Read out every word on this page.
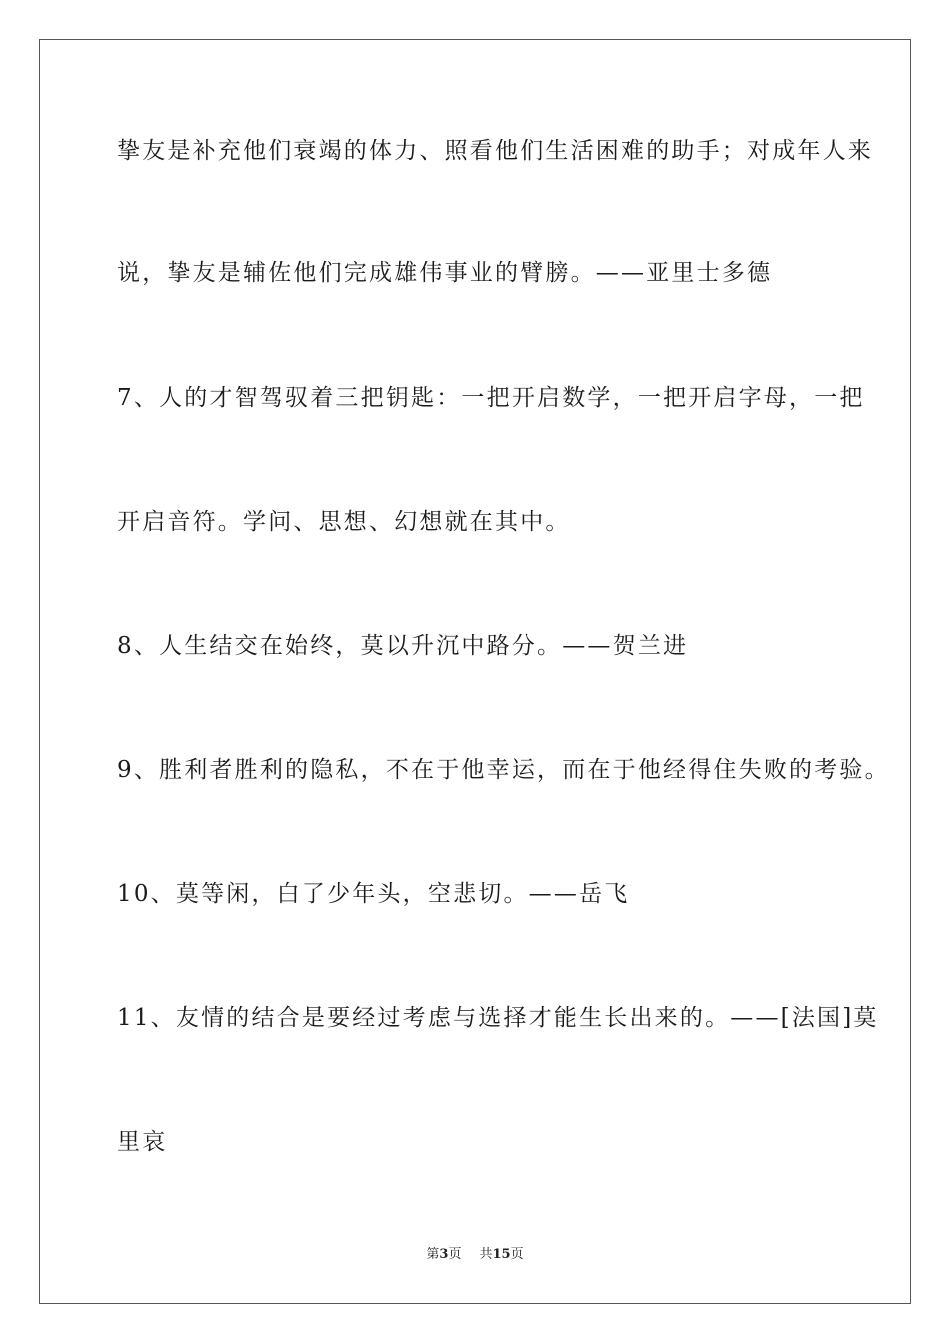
挚友是补充他们衰竭的体力、照看他们生活困难的助手；对成年人来
说，挚友是辅佐他们完成雄伟事业的臂膀。——亚里士多德
7、人的才智驾驭着三把钥匙：一把开启数学，一把开启字母，一把
开启音符。学问、思想、幻想就在其中。
8、人生结交在始终，莫以升沉中路分。——贺兰进
9、胜利者胜利的隐私，不在于他幸运，而在于他经得住失败的考验。
10、莫等闲，白了少年头，空悲切。——岳飞
11、友情的结合是要经过考虑与选择才能生长出来的。——[法国]莫
里哀
第3页 共15页
